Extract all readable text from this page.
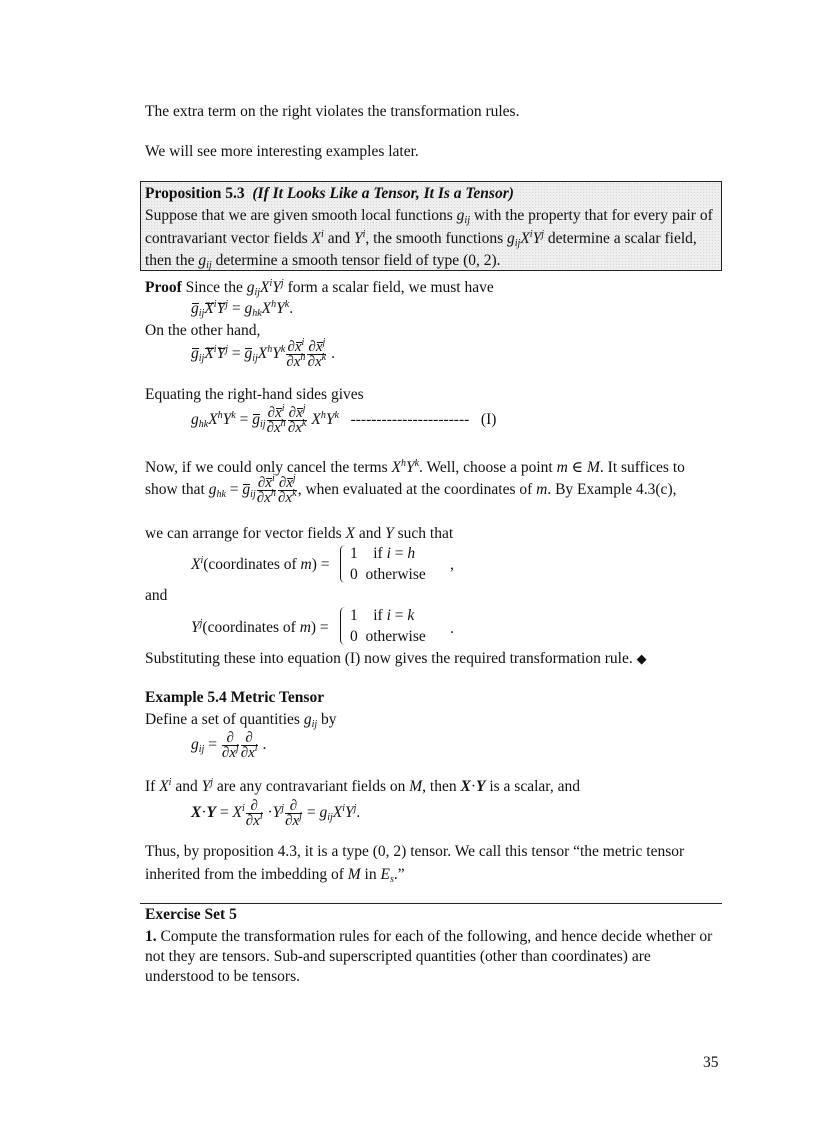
The extra term on the right violates the transformation rules.
We will see more interesting examples later.
Proposition 5.3 (If It Looks Like a Tensor, It Is a Tensor)
Suppose that we are given smooth local functions $g_{ij}$ with the property that for every pair of
contravariant vector fields $X^i$ and $Y^i$, the smooth functions $g_{ij}X^iY^j$ determine a scalar field,
then the $g_{ij}$ determine a smooth tensor field of type (0, 2).
Proof Since the $g_{ij}X^iY^j$ form a scalar field, we must have
$g_{ij}X^iY^j = g_{hk}X^hY^k$.
On the other hand,
$g_{ij}X^iY^j = g_{ij}X^hY^k \frac{\partial x^i}{\partial x^h} \frac{\partial x^j}{\partial x^k}$ .
Equating the right-hand sides gives
$g_{hk}X^hY^k = g_{ij} \frac{\partial x^i}{\partial x^h} \frac{\partial x^j}{\partial x^k} X^hY^k$ ----------------------- (I)
Now, if we could only cancel the terms $X^hY^k$. Well, choose a point m ∈ M. It suffices to
show that $g_{hk} = g_{ij} \frac{\partial x^i}{\partial x^h} \frac{\partial x^j}{\partial x^k}$ , when evaluated at the coordinates of m. By Example 4.3(c),
we can arrange for vector fields X and Y such that
$X^i(coordinates$ of m) =
1 if i = h
0 otherwise
,
and
$Y^j(coordinates$ of m) =
1 if i = k
0 otherwise .
Substituting these into equation (I) now gives the required transformation rule. ◆
Example 5.4 Metric Tensor
Define a set of quantities $g_{ij}$ by
$g_{ij} = \frac{\partial}{\partial x^j} \frac{\partial}{\partial x^i}$ .
If $X^i$ and $Y^j$ are any contravariant fields on M, then X·Y is a scalar, and
$X\cdot Y = X^i \frac{\partial}{\partial x^i} \cdot Y^j \frac{\partial}{\partial x^j} = g_{ij}X^iY^j$.
Thus, by proposition 4.3, it is a type (0, 2) tensor. We call this tensor “the metric tensor
inherited from the imbedding of M in $E_s$.”
Exercise Set 5
1. Compute the transformation rules for each of the following, and hence decide whether or
not they are tensors. Sub-and superscripted quantities (other than coordinates) are
understood to be tensors.
35
